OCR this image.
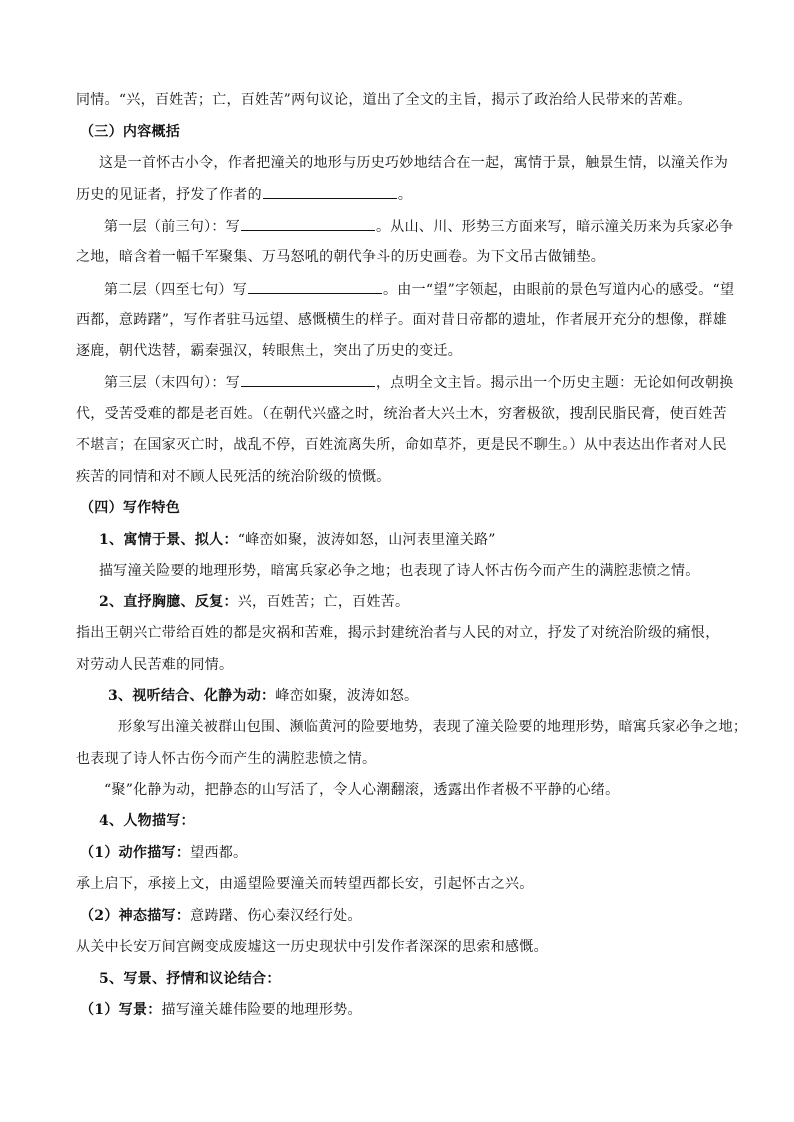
同情。“兴，百姓苦；亡，百姓苦”两句议论，道出了全文的主旨，揭示了政治给人民带来的苦难。
（三）内容概括
这是一首怀古小令，作者把潼关的地形与历史巧妙地结合在一起，寓情于景，触景生情，以潼关作为
历史的见证者，抒发了作者的	。
第一层（前三句）：写	。从山、川、形势三方面来写，暗示潼关历来为兵家必争
之地，暗含着一幅千军聚集、万马怒吼的朝代争斗的历史画卷。为下文吊古做铺垫。
第二层（四至七句）写	。由一“望”字领起，由眼前的景色写道内心的感受。“望
西都，意踌躇”，写作者驻马远望、感慨横生的样子。面对昔日帝都的遗址，作者展开充分的想像，群雄
逐鹿，朝代迭替，霸秦强汉，转眼焦土，突出了历史的变迁。
第三层（末四句）：写	，点明全文主旨。揭示出一个历史主题：无论如何改朝换
代，受苦受难的都是老百姓。（在朝代兴盛之时，统治者大兴土木，穷奢极欲，搜刮民脂民膏，使百姓苦
不堪言；在国家灭亡时，战乱不停，百姓流离失所，命如草芥，更是民不聊生。）从中表达出作者对人民
疾苦的同情和对不顾人民死活的统治阶级的愤慨。
（四）写作特色
1、寓情于景、拟人：“峰峦如聚，波涛如怒，山河表里潼关路”
描写潼关险要的地理形势，暗寓兵家必争之地；也表现了诗人怀古伤今而产生的满腔悲愤之情。
2、直抒胸臆、反复：兴，百姓苦；亡，百姓苦。
指出王朝兴亡带给百姓的都是灾祸和苦难，揭示封建统治者与人民的对立，抒发了对统治阶级的痛恨，
对劳动人民苦难的同情。
3、视听结合、化静为动：峰峦如聚，波涛如怒。
形象写出潼关被群山包围、濒临黄河的险要地势，表现了潼关险要的地理形势，暗寓兵家必争之地；
也表现了诗人怀古伤今而产生的满腔悲愤之情。
“聚”化静为动，把静态的山写活了，令人心潮翻滚，透露出作者极不平静的心绪。
4、人物描写：
（1）动作描写：望西都。
承上启下，承接上文，由遥望险要潼关而转望西都长安，引起怀古之兴。
（2）神态描写：意踌躇、伤心秦汉经行处。
从关中长安万间宫阙变成废墟这一历史现状中引发作者深深的思索和感慨。
5、写景、抒情和议论结合：
（1）写景：描写潼关雄伟险要的地理形势。
